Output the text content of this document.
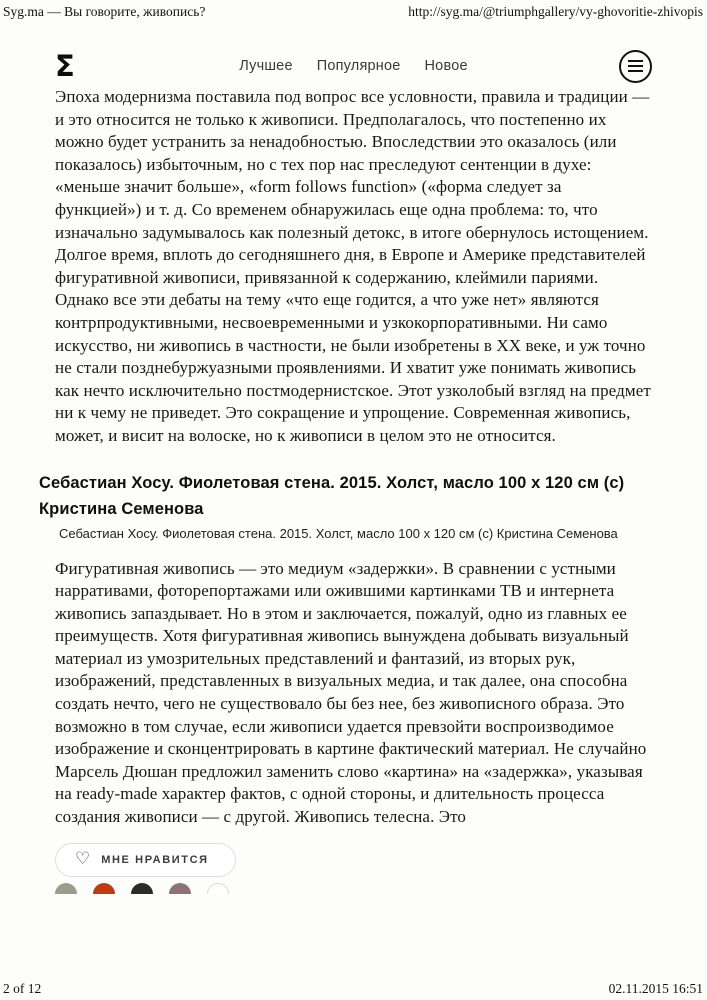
Syg.ma — Вы говорите, живопись?	http://syg.ma/@triumphgallery/vy-ghovoritie-zhivopis
Σ	Лучшее Популярное Новое

Эпоха модернизма поставила под вопрос все условности, правила и традиции — и это относится не только к живописи. Предполагалось, что постепенно их можно будет устранить за ненадобностью. Впоследствии это оказалось (или показалось) избыточным, но с тех пор нас преследуют сентенции в духе: «меньше значит больше», «form follows function» («форма следует за функцией») и т. д. Со временем обнаружилась еще одна проблема: то, что изначально задумывалось как полезный детокс, в итоге обернулось истощением. Долгое время, вплоть до сегодняшнего дня, в Европе и Америке представителей фигуративной живописи, привязанной к содержанию, клеймили париями. Однако все эти дебаты на тему «что еще годится, а что уже нет» являются контрпродуктивными, несвоевременными и узкокорпоративными. Ни само искусство, ни живопись в частности, не были изобретены в XX веке, и уж точно не стали позднебуржуазными проявлениями. И хватит уже понимать живопись как нечто исключительно постмодернистское. Этот узколобый взгляд на предмет ни к чему не приведет. Это сокращение и упрощение. Современная живопись, может, и висит на волоске, но к живописи в целом это не относится.

Себастиан Хосу. Фиолетовая стена. 2015. Холст, масло 100 x 120 см (с) Кристина Семенова
Себастиан Хосу. Фиолетовая стена. 2015. Холст, масло 100 x 120 см (с) Кристина Семенова

Фигуративная живопись — это медиум «задержки». В сравнении с устными нарративами, фоторепортажами или ожившими картинками ТВ и интернета живопись запаздывает. Но в этом и заключается, пожалуй, одно из главных ее преимуществ. Хотя фигуративная живопись вынуждена добывать визуальный материал из умозрительных представлений и фантазий, из вторых рук, изображений, представленных в визуальных медиа, и так далее, она способна создать нечто, чего не существовало бы без нее, без живописного образа. Это возможно в том случае, если живописи удается превзойти воспроизводимое изображение и сконцентрировать в картине фактический материал. Не случайно Марсель Дюшан предложил заменить слово «картина» на «задержка», указывая на ready-made характер фактов, с одной стороны, и длительность процесса создания живописи — с другой. Живопись телесна. Это

♡ МНЕ НРАВИТСЯ
2 of 12	02.11.2015 16:51
